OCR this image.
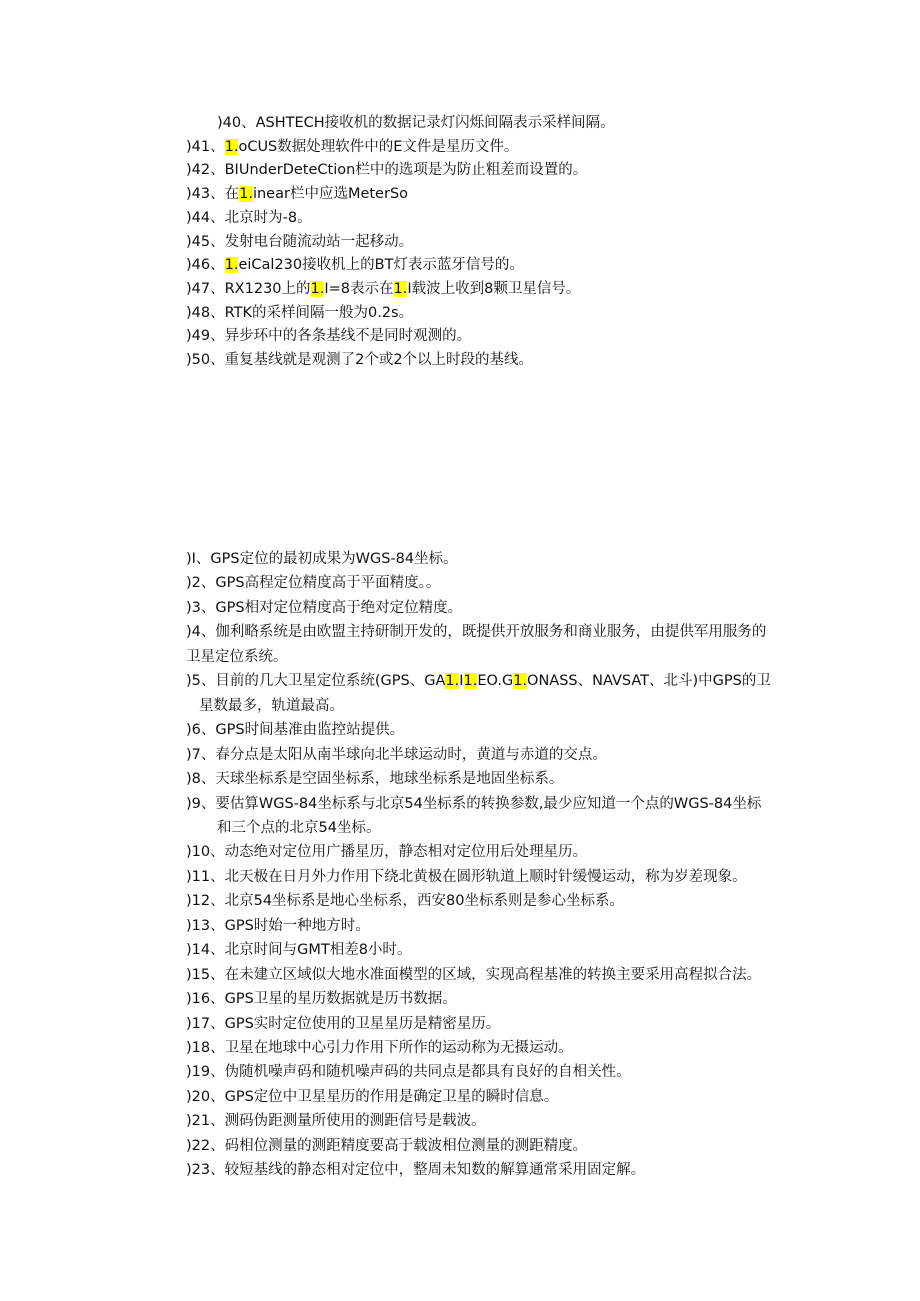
)40、ASHTECH接收机的数据记录灯闪烁间隔表示采样间隔。
)41、1.oCUS数据处理软件中的E文件是星历文件。
)42、BIUnderDeteCtion栏中的选项是为防止粗差而设置的。
)43、在1.inear栏中应选MeterSo
)44、北京时为-8。
)45、发射电台随流动站一起移动。
)46、1.eiCal230接收机上的BT灯表示蓝牙信号的。
)47、RX1230上的1.I=8表示在1.I载波上收到8颗卫星信号。
)48、RTK的采样间隔一般为0.2s。
)49、异步环中的各条基线不是同时观测的。
)50、重复基线就是观测了2个或2个以上时段的基线。
)I、GPS定位的最初成果为WGS-84坐标。
)2、GPS高程定位精度高于平面精度。。
)3、GPS相对定位精度高于绝对定位精度。
)4、伽利略系统是由欧盟主持研制开发的，既提供开放服务和商业服务，由提供军用服务的
卫星定位系统。
)5、目前的几大卫星定位系统(GPS、GA1.I1.EO.G1.ONASS、NAVSAT、北斗)中GPS的卫
星数最多，轨道最高。
)6、GPS时间基准由监控站提供。
)7、春分点是太阳从南半球向北半球运动时，黄道与赤道的交点。
)8、天球坐标系是空固坐标系，地球坐标系是地固坐标系。
)9、要估算WGS-84坐标系与北京54坐标系的转换参数,最少应知道一个点的WGS-84坐标
和三个点的北京54坐标。
)10、动态绝对定位用广播星历，静态相对定位用后处理星历。
)11、北天极在日月外力作用下绕北黄极在圆形轨道上顺时针缓慢运动，称为岁差现象。
)12、北京54坐标系是地心坐标系，西安80坐标系则是参心坐标系。
)13、GPS时始一种地方时。
)14、北京时间与GMT相差8小时。
)15、在未建立区域似大地水准面模型的区域，实现高程基准的转换主要采用高程拟合法。
)16、GPS卫星的星历数据就是历书数据。
)17、GPS实时定位使用的卫星星历是精密星历。
)18、卫星在地球中心引力作用下所作的运动称为无摄运动。
)19、伪随机噪声码和随机噪声码的共同点是都具有良好的自相关性。
)20、GPS定位中卫星星历的作用是确定卫星的瞬时信息。
)21、测码伪距测量所使用的测距信号是载波。
)22、码相位测量的测距精度要高于载波相位测量的测距精度。
)23、较短基线的静态相对定位中，整周未知数的解算通常采用固定解。
